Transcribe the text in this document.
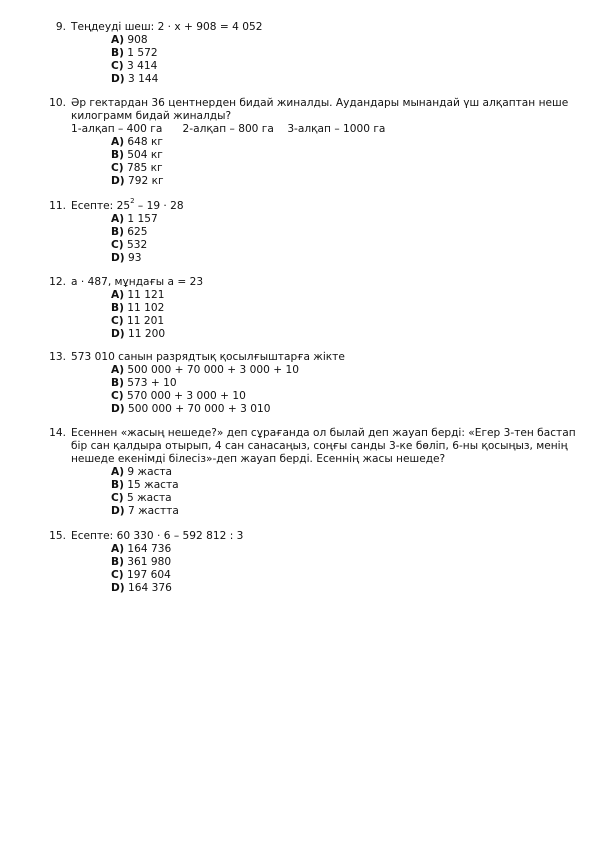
9. Теңдеуді шеш: 2 · х + 908 = 4 052

A) 908
B) 1 572
C) 3 414
D) 3 144
10. Әр гектардан 36 центнерден бидай жиналды. Аудандары мынандай үш алқаптан неше

килограмм бидай жиналды?

1-алқап – 400 га      2-алқап – 800 га    3-алқап – 1000 га

A) 648 кг
B) 504 кг
C) 785 кг
D) 792 кг
11. Есепте: $25^2 - 19 \cdot 28$

A) 1 157
B) 625
C) 532
D) 93
12. а · 487, мұндағы а = 23

A) 11 121
B) 11 102
C) 11 201
D) 11 200
13. 573 010 санын разрядтық қосылғыштарға жікте

A) 500 000 + 70 000 + 3 000 + 10
B) 573 + 10
C) 570 000 + 3 000 + 10
D) 500 000 + 70 000 + 3 010
14. Есеннен «жасың нешеде?» деп сұрағанда ол былай деп жауап берді: «Егер 3-тен бастап

бір сан қалдыра отырып, 4 сан санасаңыз, соңғы санды 3-ке бөліп, 6-ны қосыңыз, менің

нешеде екенімді білесіз»-деп жауап берді. Есеннің жасы нешеде?

A) 9 жаста
B) 15 жаста
C) 5 жаста
D) 7 жастта
15. Есепте: 60 330 · 6 – 592 812 : 3

A) 164 736
B) 361 980
C) 197 604
D) 164 376
